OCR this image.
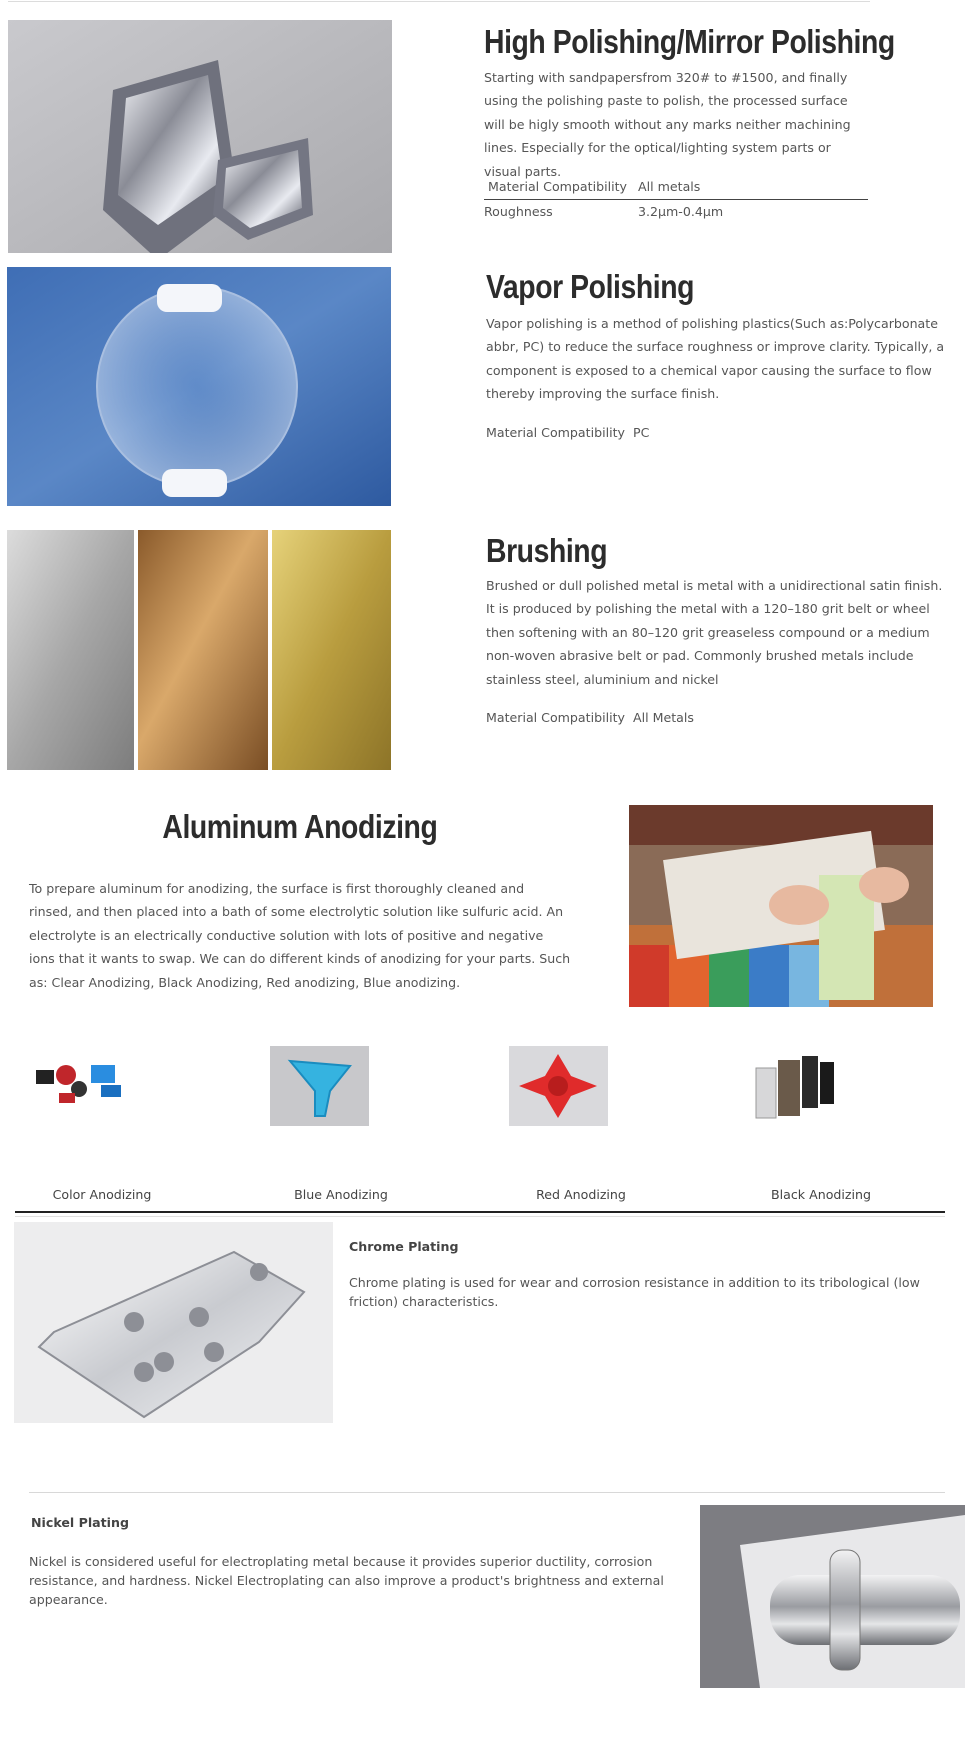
High Polishing/Mirror Polishing
Starting with sandpapersfrom 320# to #1500, and finally using the polishing paste to polish, the processed surface will be higly smooth without any marks neither machining lines. Especially for the optical/lighting system parts or visual parts.
Material Compatibility All metals
Roughness	3.2μm-0.4μm
Vapor Polishing
Vapor polishing is a method of polishing plastics(Such as:Polycarbonate abbr, PC) to reduce the surface roughness or improve clarity. Typically, a component is exposed to a chemical vapor causing the surface to flow thereby improving the surface finish.
Material Compatibility PC
Brushing
Brushed or dull polished metal is metal with a unidirectional satin finish. It is produced by polishing the metal with a 120–180 grit belt or wheel then softening with an 80–120 grit greaseless compound or a medium non-woven abrasive belt or pad. Commonly brushed metals include stainless steel, aluminium and nickel
Material Compatibility All Metals
Aluminum Anodizing
To prepare aluminum for anodizing, the surface is first thoroughly cleaned and rinsed, and then placed into a bath of some electrolytic solution like sulfuric acid. An electrolyte is an electrically conductive solution with lots of positive and negative ions that it wants to swap. We can do different kinds of anodizing for your parts. Such as: Clear Anodizing, Black Anodizing, Red anodizing, Blue anodizing.
Color Anodizing	Blue Anodizing	Red Anodizing	Black Anodizing
Chrome Plating
Chrome plating is used for wear and corrosion resistance in addition to its tribological (low friction) characteristics.
Nickel Plating
Nickel is considered useful for electroplating metal because it provides superior ductility, corrosion resistance, and hardness. Nickel Electroplating can also improve a product's brightness and external appearance.
